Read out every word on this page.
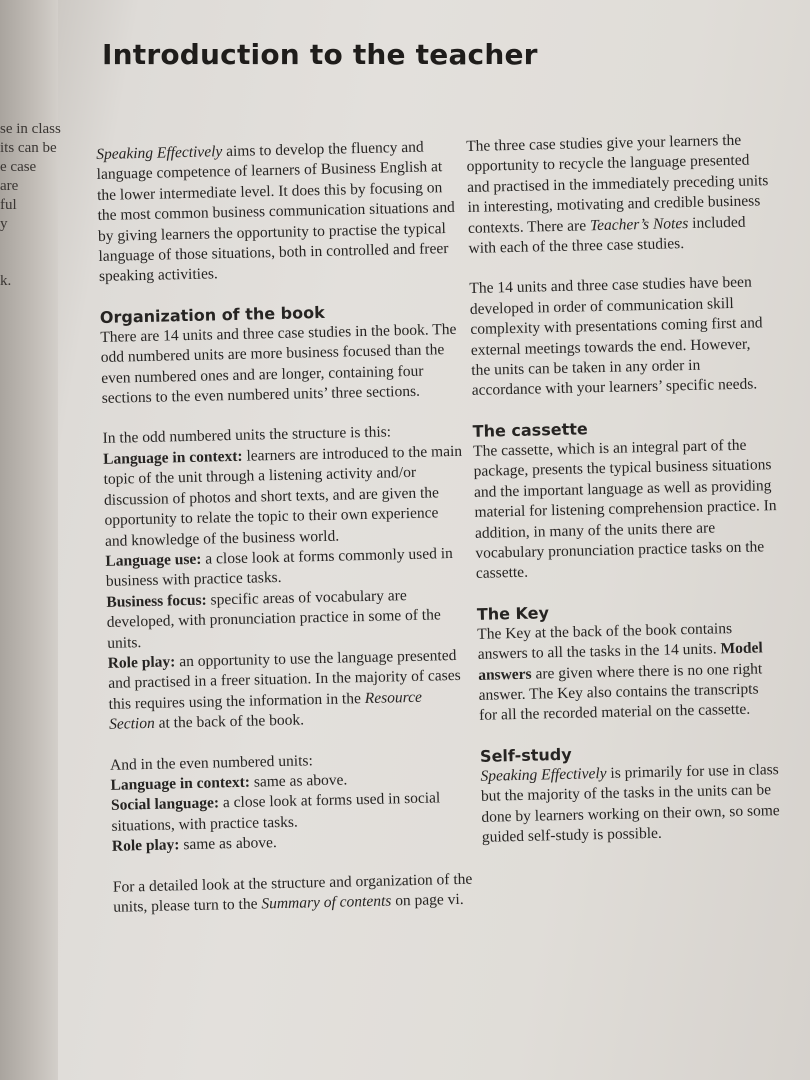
se in class
its can be
e case
are
ful
y
k.
Introduction to the teacher

Speaking Effectively aims to develop the fluency and language competence of learners of Business English at the lower intermediate level. It does this by focusing on the most common business communication situations and by giving learners the opportunity to practise the typical language of those situations, both in controlled and freer speaking activities.

Organization of the book

There are 14 units and three case studies in the book. The odd numbered units are more business focused than the even numbered ones and are longer, containing four sections to the even numbered units’ three sections.

In the odd numbered units the structure is this:

Language in context: learners are introduced to the main topic of the unit through a listening activity and/or discussion of photos and short texts, and are given the opportunity to relate the topic to their own experience and knowledge of the business world.

Language use: a close look at forms commonly used in business with practice tasks.

Business focus: specific areas of vocabulary are developed, with pronunciation practice in some of the units.

Role play: an opportunity to use the language presented and practised in a freer situation. In the majority of cases this requires using the information in the Resource Section at the back of the book.

And in the even numbered units:

Language in context: same as above.

Social language: a close look at forms used in social situations, with practice tasks.

Role play: same as above.

For a detailed look at the structure and organization of the units, please turn to the Summary of contents on page vi.

The three case studies give your learners the

opportunity to recycle the language presented

and practised in the immediately preceding units

in interesting, motivating and credible business

contexts. There are Teacher’s Notes included

with each of the three case studies.

The 14 units and three case studies have been

developed in order of communication skill

complexity with presentations coming first and

external meetings towards the end. However,

the units can be taken in any order in

accordance with your learners’ specific needs.

The cassette

The cassette, which is an integral part of the

package, presents the typical business situations

and the important language as well as providing

material for listening comprehension practice. In

addition, in many of the units there are

vocabulary pronunciation practice tasks on the

cassette.

The Key

The Key at the back of the book contains

answers to all the tasks in the 14 units. Model

answers are given where there is no one right

answer. The Key also contains the transcripts

for all the recorded material on the cassette.

Self-study

Speaking Effectively is primarily for use in class

but the majority of the tasks in the units can be

done by learners working on their own, so some

guided self-study is possible.
